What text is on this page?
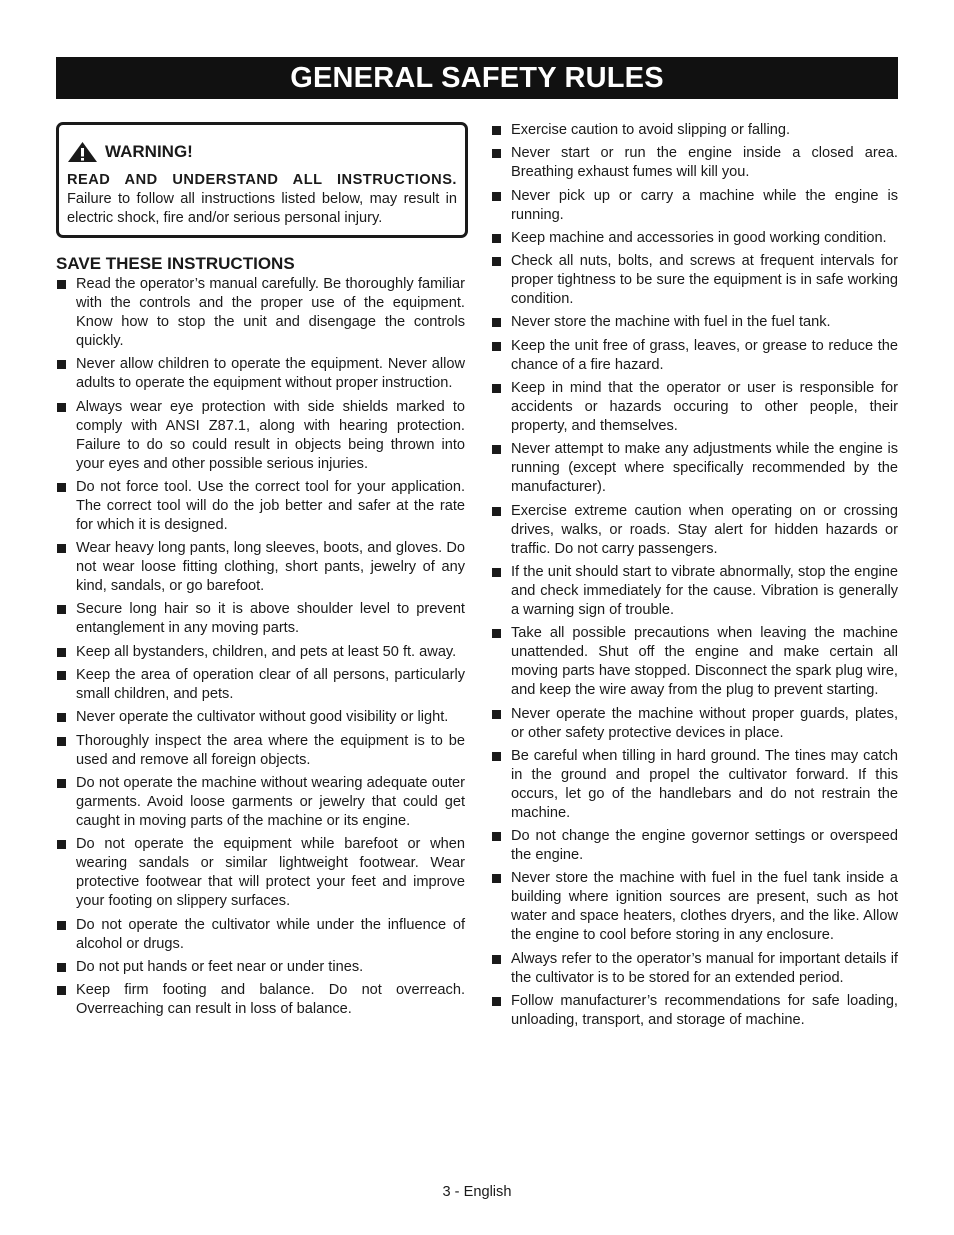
GENERAL SAFETY RULES
WARNING!
READ AND UNDERSTAND ALL INSTRUCTIONS. Failure to follow all instructions listed below, may result in electric shock, fire and/or serious personal injury.
SAVE THESE INSTRUCTIONS
Read the operator’s manual carefully. Be thoroughly familiar with the controls and the proper use of the equipment. Know how to stop the unit and disengage the controls quickly.
Never allow children to operate the equipment. Never allow adults to operate the equipment without proper instruction.
Always wear eye protection with side shields marked to comply with ANSI Z87.1, along with hearing protection. Failure to do so could result in objects being thrown into your eyes and other possible serious injuries.
Do not force tool. Use the correct tool for your application. The correct tool will do the job better and safer at the rate for which it is designed.
Wear heavy long pants, long sleeves, boots, and gloves. Do not wear loose fitting clothing, short pants, jewelry of any kind, sandals, or go barefoot.
Secure long hair so it is above shoulder level to prevent entanglement in any moving parts.
Keep all bystanders, children, and pets at least 50 ft. away.
Keep the area of operation clear of all persons, particularly small children, and pets.
Never operate the cultivator without good visibility or light.
Thoroughly inspect the area where the equipment is to be used and remove all foreign objects.
Do not operate the machine without wearing adequate outer garments. Avoid loose garments or jewelry that could get caught in moving parts of the machine or its engine.
Do not operate the equipment while barefoot or when wearing sandals or similar lightweight footwear. Wear protective footwear that will protect your feet and improve your footing on slippery surfaces.
Do not operate the cultivator while under the influence of alcohol or drugs.
Do not put hands or feet near or under tines.
Keep firm footing and balance. Do not overreach. Overreaching can result in loss of balance.
Exercise caution to avoid slipping or falling.
Never start or run the engine inside a closed area. Breathing exhaust fumes will kill you.
Never pick up or carry a machine while the engine is running.
Keep machine and accessories in good working condition.
Check all nuts, bolts, and screws at frequent intervals for proper tightness to be sure the equipment is in safe working condition.
Never store the machine with fuel in the fuel tank.
Keep the unit free of grass, leaves, or grease to reduce the chance of a fire hazard.
Keep in mind that the operator or user is responsible for accidents or hazards occuring to other people, their property, and themselves.
Never attempt to make any adjustments while the engine is running (except where specifically recommended by the manufacturer).
Exercise extreme caution when operating on or crossing drives, walks, or roads. Stay alert for hidden hazards or traffic. Do not carry passengers.
If the unit should start to vibrate abnormally, stop the engine and check immediately for the cause. Vibration is generally a warning sign of trouble.
Take all possible precautions when leaving the machine unattended. Shut off the engine and make certain all moving parts have stopped. Disconnect the spark plug wire, and keep the wire away from the plug to prevent starting.
Never operate the machine without proper guards, plates, or other safety protective devices in place.
Be careful when tilling in hard ground. The tines may catch in the ground and propel the cultivator forward. If this occurs, let go of the handlebars and do not restrain the machine.
Do not change the engine governor settings or overspeed the engine.
Never store the machine with fuel in the fuel tank inside a building where ignition sources are present, such as hot water and space heaters, clothes dryers, and the like. Allow the engine to cool before storing in any enclosure.
Always refer to the operator’s manual for important details if the cultivator is to be stored for an extended period.
Follow manufacturer’s recommendations for safe loading, unloading, transport, and storage of machine.
3 - English
